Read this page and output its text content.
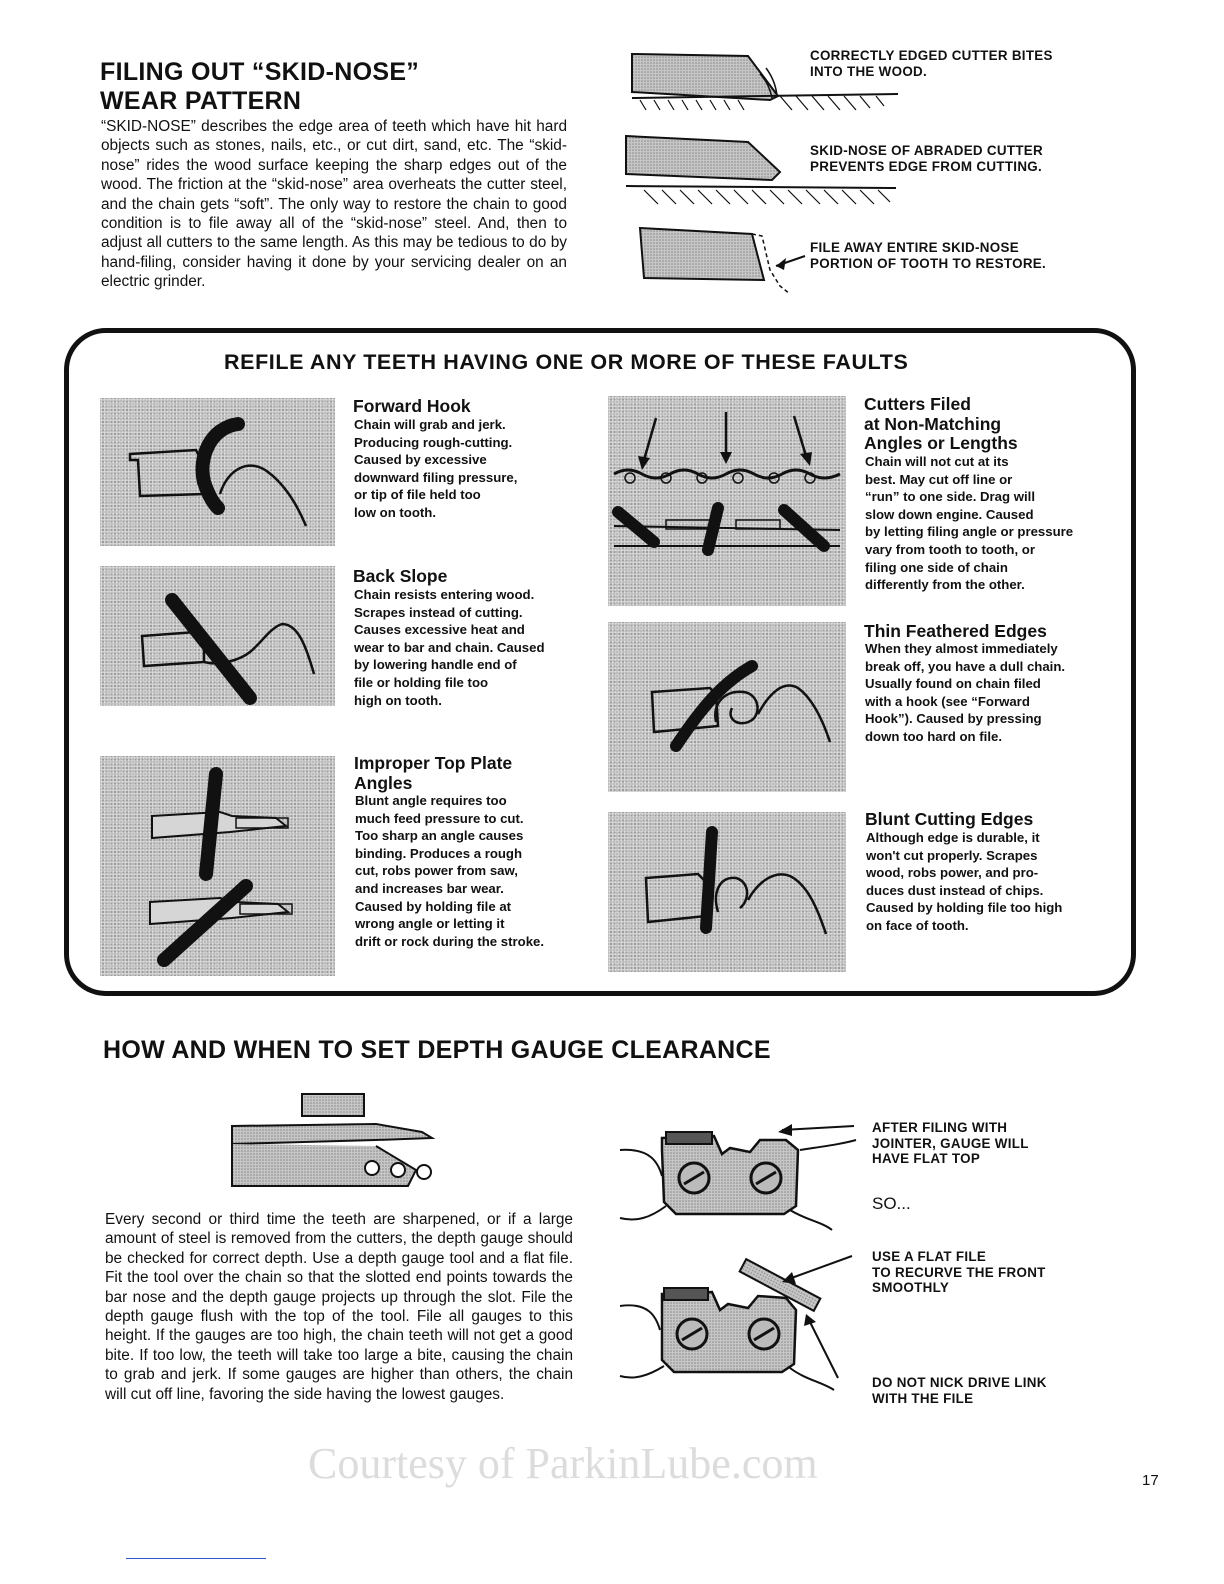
FILING OUT “SKID-NOSE”
WEAR PATTERN
“SKID-NOSE” describes the edge area of teeth which have hit hard objects such as stones, nails, etc., or cut dirt, sand, etc. The “skid-nose” rides the wood surface keeping the sharp edges out of the wood. The friction at the “skid-nose” area overheats the cutter steel, and the chain gets “soft”. The only way to restore the chain to good condition is to file away all of the “skid-nose” steel. And, then to adjust all cutters to the same length. As this may be tedious to do by hand-filing, consider having it done by your servicing dealer on an electric grinder.
CORRECTLY EDGED CUTTER BITES
INTO THE WOOD.
SKID-NOSE OF ABRADED CUTTER
PREVENTS EDGE FROM CUTTING.
FILE AWAY ENTIRE SKID-NOSE
PORTION OF TOOTH TO RESTORE.
REFILE ANY TEETH HAVING ONE OR MORE OF THESE FAULTS
Forward Hook
Chain will grab and jerk.
Producing rough-cutting.
Caused by excessive
downward filing pressure,
or tip of file held too
low on tooth.
Back Slope
Chain resists entering wood.
Scrapes instead of cutting.
Causes excessive heat and
wear to bar and chain. Caused
by lowering handle end of
file or holding file too
high on tooth.
Improper Top Plate
Angles
Blunt angle requires too
much feed pressure to cut.
Too sharp an angle causes
binding. Produces a rough
cut, robs power from saw,
and increases bar wear.
Caused by holding file at
wrong angle or letting it
drift or rock during the stroke.
Cutters Filed
at Non-Matching
Angles or Lengths
Chain will not cut at its
best. May cut off line or
“run” to one side. Drag will
slow down engine. Caused
by letting filing angle or pressure
vary from tooth to tooth, or
filing one side of chain
differently from the other.
Thin Feathered Edges
When they almost immediately
break off, you have a dull chain.
Usually found on chain filed
with a hook (see “Forward
Hook”). Caused by pressing
down too hard on file.
Blunt Cutting Edges
Although edge is durable, it
won't cut properly. Scrapes
wood, robs power, and pro-
duces dust instead of chips.
Caused by holding file too high
on face of tooth.
HOW AND WHEN TO SET DEPTH GAUGE CLEARANCE
Every second or third time the teeth are sharpened, or if a large amount of steel is removed from the cutters, the depth gauge should be checked for correct depth. Use a depth gauge tool and a flat file. Fit the tool over the chain so that the slotted end points towards the bar nose and the depth gauge projects up through the slot. File the depth gauge flush with the top of the tool. File all gauges to this height. If the gauges are too high, the chain teeth will not get a good bite. If too low, the teeth will take too large a bite, causing the chain to grab and jerk. If some gauges are higher than others, the chain will cut off line, favoring the side having the lowest gauges.
AFTER FILING WITH
JOINTER, GAUGE WILL
HAVE FLAT TOP
SO...
USE A FLAT FILE
TO RECURVE THE FRONT
SMOOTHLY
DO NOT NICK DRIVE LINK
WITH THE FILE
Courtesy of ParkinLube.com	17
